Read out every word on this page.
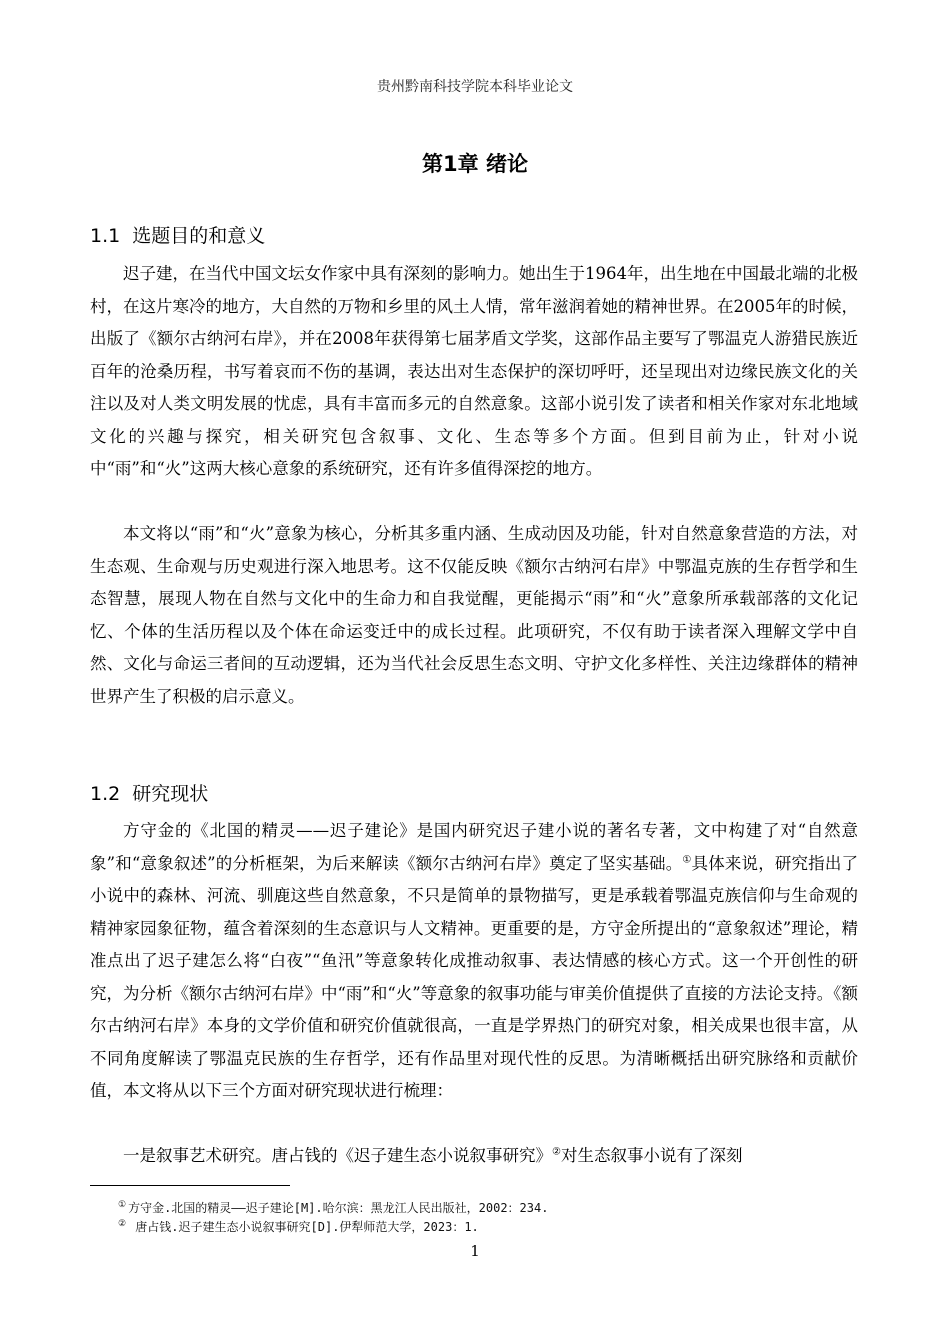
贵州黔南科技学院本科毕业论文
第1章 绪论
1.1 选题目的和意义

迟子建，在当代中国文坛女作家中具有深刻的影响力。她出生于1964年，出生地在中国最北端的北极村，在这片寒冷的地方，大自然的万物和乡里的风土人情，常年滋润着她的精神世界。在2005年的时候，出版了《额尔古纳河右岸》，并在2008年获得第七届茅盾文学奖，这部作品主要写了鄂温克人游猎民族近百年的沧桑历程，书写着哀而不伤的基调，表达出对生态保护的深切呼吁，还呈现出对边缘民族文化的关注以及对人类文明发展的忧虑，具有丰富而多元的自然意象。这部小说引发了读者和相关作家对东北地域文化的兴趣与探究，相关研究包含叙事、文化、生态等多个方面。但到目前为止，针对小说中“雨”和“火”这两大核心意象的系统研究，还有许多值得深挖的地方。

本文将以“雨”和“火”意象为核心，分析其多重内涵、生成动因及功能，针对自然意象营造的方法，对生态观、生命观与历史观进行深入地思考。这不仅能反映《额尔古纳河右岸》中鄂温克族的生存哲学和生态智慧，展现人物在自然与文化中的生命力和自我觉醒，更能揭示“雨”和“火”意象所承载部落的文化记忆、个体的生活历程以及个体在命运变迁中的成长过程。此项研究，不仅有助于读者深入理解文学中自然、文化与命运三者间的互动逻辑，还为当代社会反思生态文明、守护文化多样性、关注边缘群体的精神世界产生了积极的启示意义。

1.2 研究现状

方守金的《北国的精灵——迟子建论》是国内研究迟子建小说的著名专著，文中构建了对“自然意象”和“意象叙述”的分析框架，为后来解读《额尔古纳河右岸》奠定了坚实基础。①具体来说，研究指出了小说中的森林、河流、驯鹿这些自然意象，不只是简单的景物描写，更是承载着鄂温克族信仰与生命观的精神家园象征物，蕴含着深刻的生态意识与人文精神。更重要的是，方守金所提出的“意象叙述”理论，精准点出了迟子建怎么将“白夜”“鱼汛”等意象转化成推动叙事、表达情感的核心方式。这一个开创性的研究，为分析《额尔古纳河右岸》中“雨”和“火”等意象的叙事功能与审美价值提供了直接的方法论支持。《额尔古纳河右岸》本身的文学价值和研究价值就很高，一直是学界热门的研究对象，相关成果也很丰富，从不同角度解读了鄂温克民族的生存哲学，还有作品里对现代性的反思。为清晰概括出研究脉络和贡献价值，本文将从以下三个方面对研究现状进行梳理：

一是叙事艺术研究。唐占钱的《迟子建生态小说叙事研究》②对生态叙事小说有了深刻

① 方守金.北国的精灵——迟子建论[M].哈尔滨：黑龙江人民出版社，2002：234.
② 唐占钱.迟子建生态小说叙事研究[D].伊犁师范大学，2023：1.
1
